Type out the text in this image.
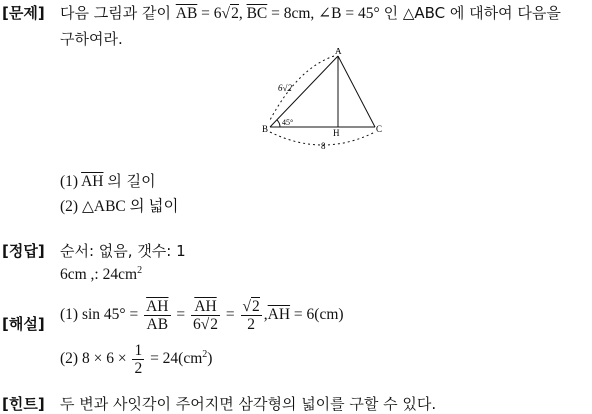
[문제] 다음 그림과 같이 $\overline{AB} = 6√2$, $\overline{BC} = 8cm$, ∠B = 45° 인 △ABC 에 대하여 다음을
구하여라.
A
B	C
H
6√2
45°
8
(1) $\overline{AH}$ 의 길이
(2) △ABC 의 넓이
[정답] 순서: 없음, 갯수: 1
6cm ,: $24cm^2$
[해설]
(1) $\sin 45^\circ = \frac{\overline{AH}}{AB} = \frac{\overline{AH}}{6√2} = \frac{√2}{2} ,\overline{AH} = 6(cm)$
(2) $8 \times 6 \times \frac{1}{2} = 24(cm^2)$
[힌트] 두 변과 사잇각이 주어지면 삼각형의 넓이를 구할 수 있다.
